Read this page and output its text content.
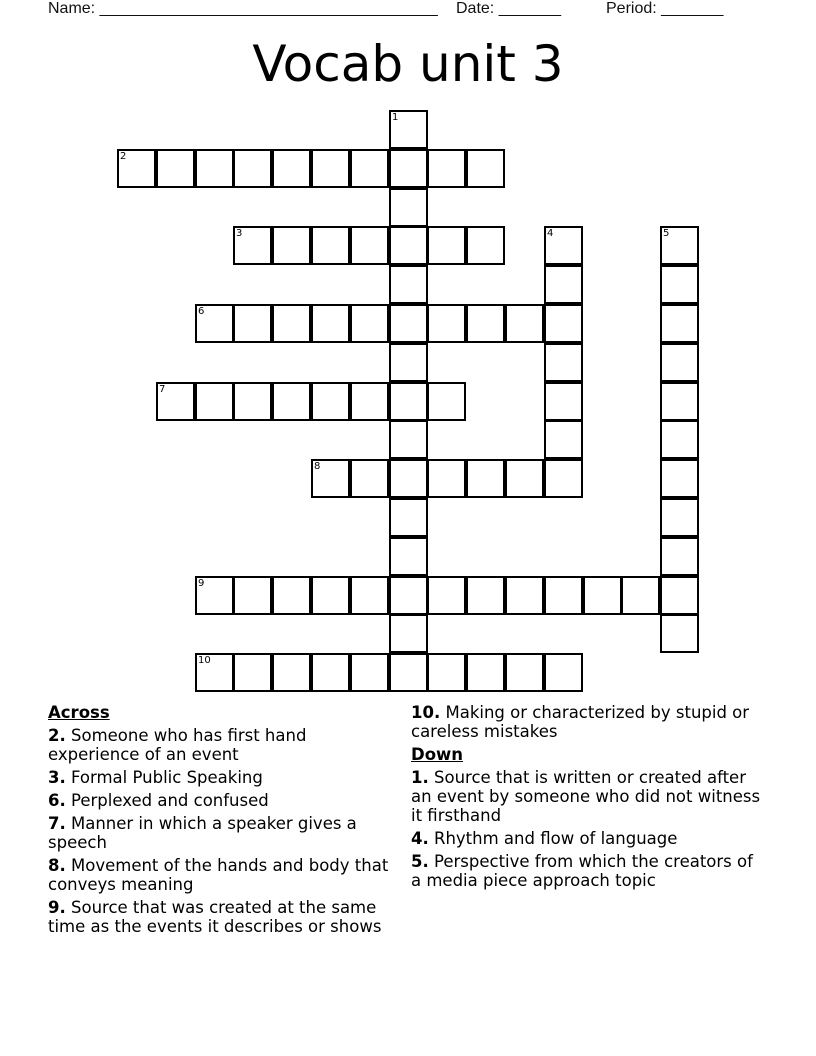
Name: ______________________________________

Date: _______

	Period: _______

Vocab unit 3
1
2
3	4	5
6
7
8
9
10
Across
2. Someone who has first hand experience of an event
3. Formal Public Speaking
6. Perplexed and confused
7. Manner in which a speaker gives a speech
8. Movement of the hands and body that conveys meaning
9. Source that was created at the same time as the events it describes or shows
10. Making or characterized by stupid or careless mistakes
Down
1. Source that is written or created after an event by someone who did not witness it firsthand
4. Rhythm and flow of language
5. Perspective from which the creators of a media piece approach topic
